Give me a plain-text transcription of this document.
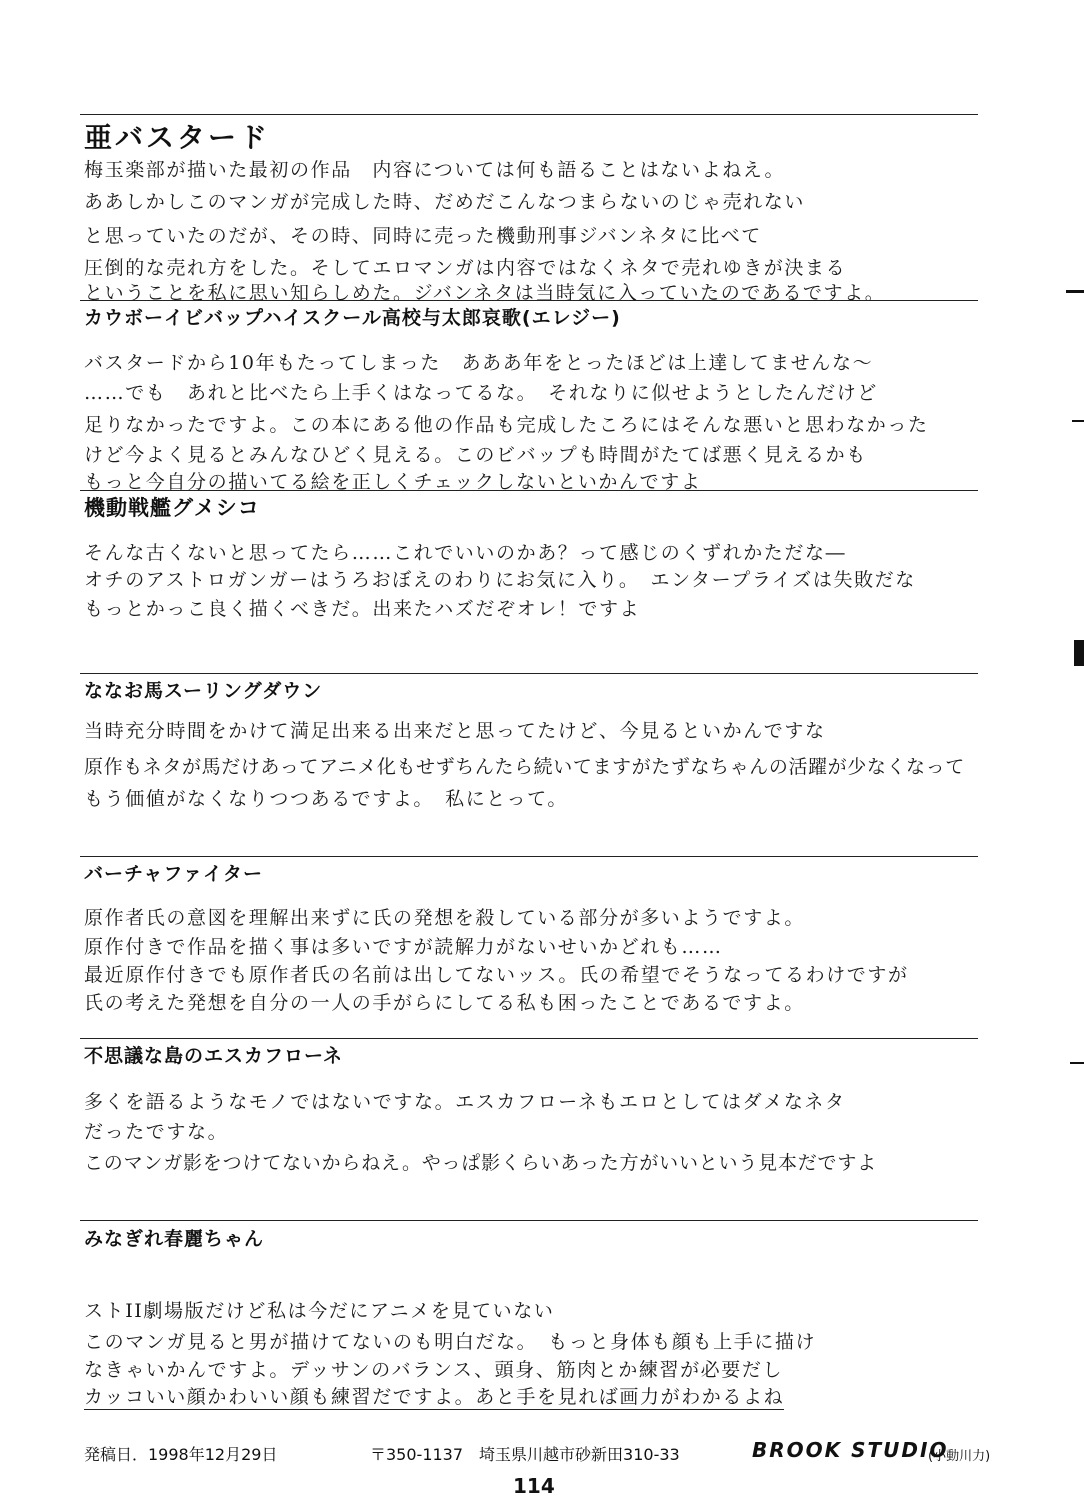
亜バスタード
梅玉楽部が描いた最初の作品　内容については何も語ることはないよねえ。
ああしかしこのマンガが完成した時、だめだこんなつまらないのじゃ売れない
と思っていたのだが、その時、同時に売った機動刑事ジバンネタに比べて
圧倒的な売れ方をした。そしてエロマンガは内容ではなくネタで売れゆきが決まる
ということを私に思い知らしめた。ジバンネタは当時気に入っていたのであるですよ。
カウボーイビバップハイスクール高校与太郎哀歌(エレジー)
バスタードから10年もたってしまった　あああ年をとったほどは上達してませんな～
……でも　あれと比べたら上手くはなってるな。　それなりに似せようとしたんだけど
足りなかったですよ。この本にある他の作品も完成したころにはそんな悪いと思わなかった
けど今よく見るとみんなひどく見える。このビバップも時間がたてば悪く見えるかも
もっと今自分の描いてる絵を正しくチェックしないといかんですよ
機動戦艦グメシコ
そんな古くないと思ってたら……これでいいのかあ？って感じのくずれかただな―
オチのアストロガンガーはうろおぼえのわりにお気に入り。　エンタープライズは失敗だな
もっとかっこ良く描くべきだ。出来たハズだぞオレ！ですよ
ななお馬スーリングダウン
当時充分時間をかけて満足出来る出来だと思ってたけど、今見るといかんですな
原作もネタが馬だけあってアニメ化もせずちんたら続いてますがたずなちゃんの活躍が少なくなって
もう価値がなくなりつつあるですよ。　私にとって。
バーチャファイター
原作者氏の意図を理解出来ずに氏の発想を殺している部分が多いようですよ。
原作付きで作品を描く事は多いですが読解力がないせいかどれも……
最近原作付きでも原作者氏の名前は出してないッス。氏の希望でそうなってるわけですが
氏の考えた発想を自分の一人の手がらにしてる私も困ったことであるですよ。
不思議な島のエスカフローネ
多くを語るようなモノではないですな。エスカフローネもエロとしてはダメなネタ
だったですな。
このマンガ影をつけてないからねえ。やっぱ影くらいあった方がいいという見本だですよ
みなぎれ春麗ちゃん
ストII劇場版だけど私は今だにアニメを見ていない
このマンガ見ると男が描けてないのも明白だな。　もっと身体も顔も上手に描け
なきゃいかんですよ。デッサンのバランス、頭身、筋肉とか練習が必要だし
カッコいい顔かわいい顔も練習だですよ。あと手を見れば画力がわかるよね
発稿日．1998年12月29日	〒350-1137　埼玉県川越市砂新田310-33	BROOK STUDIO
(小動川力)
114
